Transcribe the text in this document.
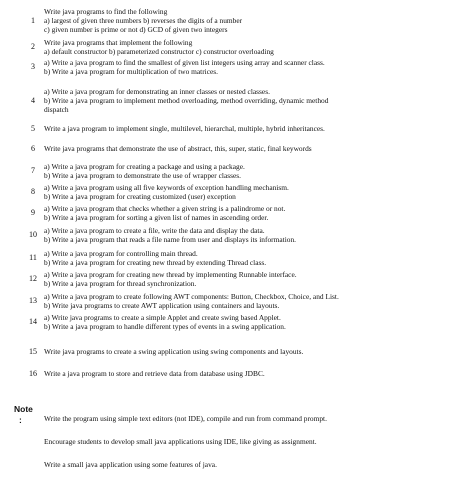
1
Write java programs to find the following
a) largest of given three numbers b) reverses the digits of a number
c) given number is prime or not d) GCD of given two integers
2	Write java programs that implement the following
a) default constructor b) parameterized constructor c) constructor overloading
3	a) Write a java program to find the smallest of given list integers using array and scanner class.
b) Write a java program for multiplication of two matrices.
4
a) Write a java program for demonstrating an inner classes or nested classes.
b) Write a java program to implement method overloading, method overriding, dynamic method
dispatch
5	Write a java program to implement single, multilevel, hierarchal, multiple, hybrid inheritances.
6	Write java programs that demonstrate the use of abstract, this, super, static, final keywords
7	a) Write a java program for creating a package and using a package.
b) Write a java program to demonstrate the use of wrapper classes.
8	a) Write a java program using all five keywords of exception handling mechanism.
b) Write a java program for creating customized (user) exception
9	a) Write a java program that checks whether a given string is a palindrome or not.
b) Write a java program for sorting a given list of names in ascending order.
10 a) Write a java program to create a file, write the data and display the data.
b) Write a java program that reads a file name from user and displays its information.
11 a) Write a java program for controlling main thread.
b) Write a java program for creating new thread by extending Thread class.
12 a) Write a java program for creating new thread by implementing Runnable interface.
b) Write a java program for thread synchronization.
13 a) Write a java program to create following AWT components: Button, Checkbox, Choice, and List.
b) Write java programs to create AWT application using containers and layouts.
14 a) Write java programs to create a simple Applet and create swing based Applet.
b) Write a java program to handle different types of events in a swing application.
15 Write java programs to create a swing application using swing components and layouts.
16 Write a java program to store and retrieve data from database using JDBC.
Note
:	Write the program using simple text editors (not IDE), compile and run from command prompt.
Encourage students to develop small java applications using IDE, like giving as assignment.
Write a small java application using some features of java.
